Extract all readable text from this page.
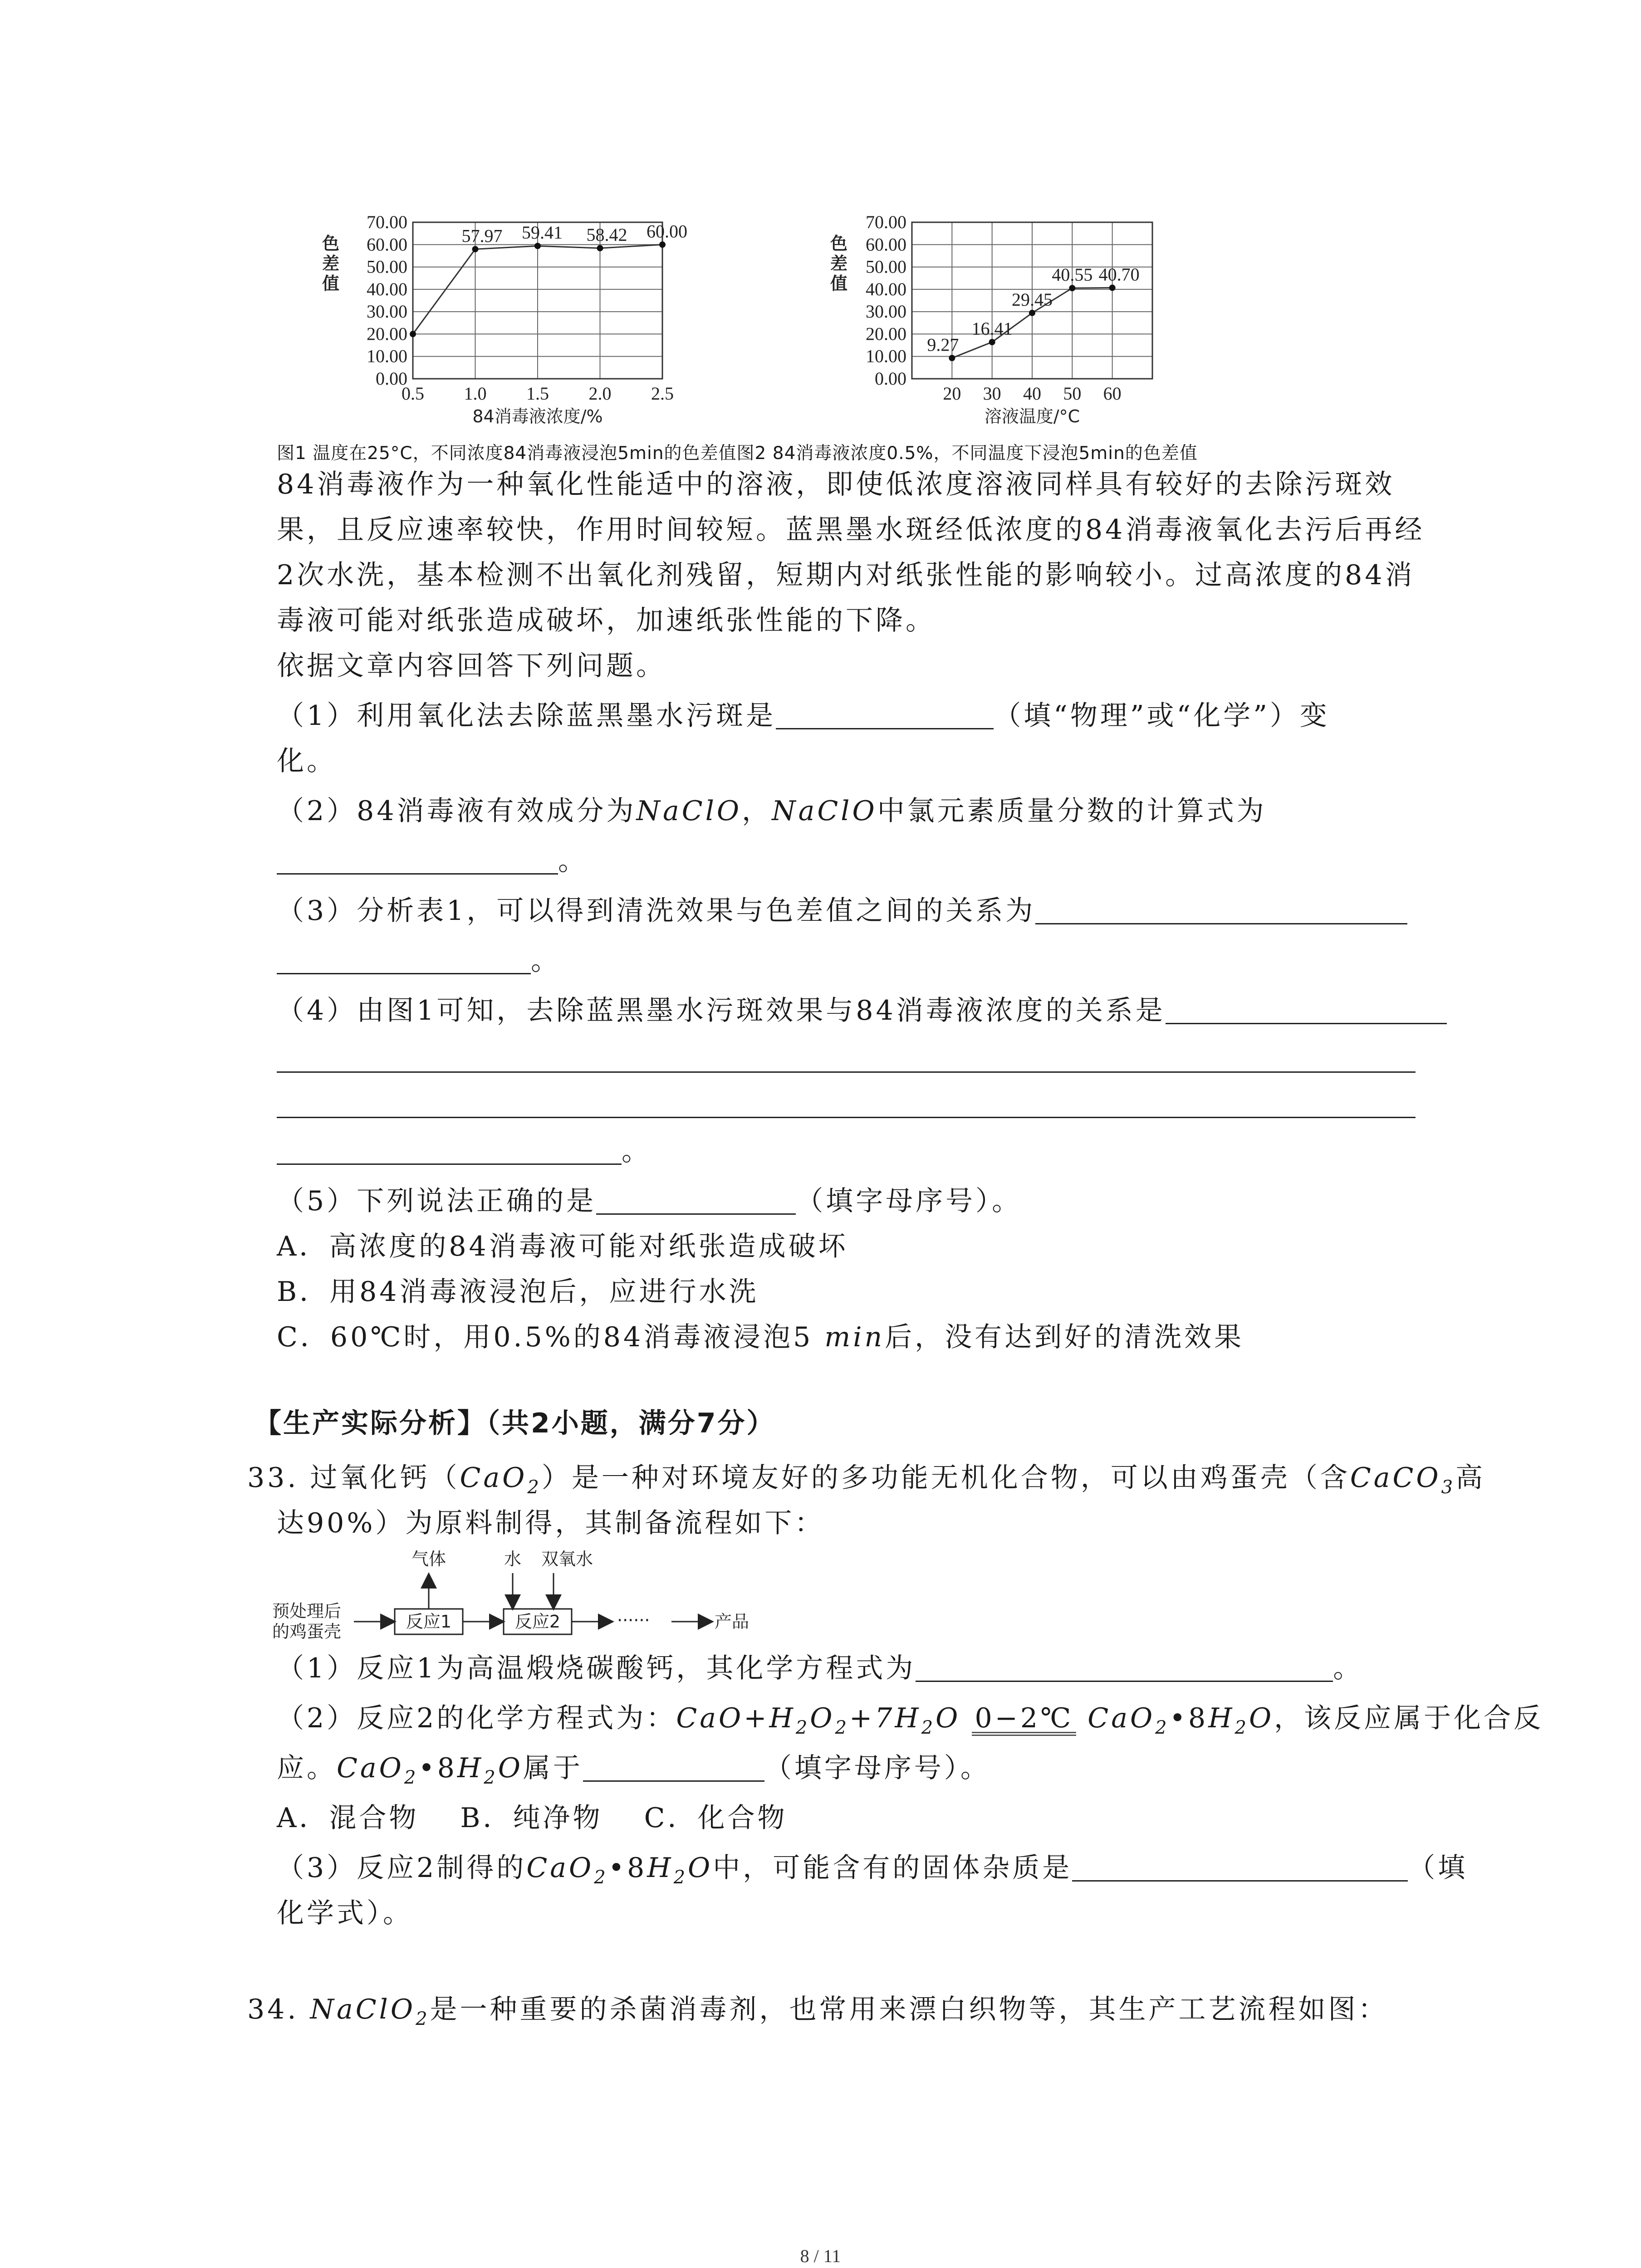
0.00
10.00
20.00
30.00
40.00
50.00
60.00
70.00
0.5 1.0 1.5 2.0 2.5
57.97 59.41 58.42 60.00
色差值
84消毒液浓度/%
0.00
10.00
20.00
30.00
40.00
50.00
60.00
70.00
20 30 40 50 60
9.27
16.41
29.45
40.55 40.70
色差值
溶液温度/°C
图1 温度在25°C，不同浓度84消毒液浸泡5min的色差值图2 84消毒液浓度0.5%，不同温度下浸泡5min的色差值
84消毒液作为一种氧化性能适中的溶液，即使低浓度溶液同样具有较好的去除污斑效
果，且反应速率较快，作用时间较短。蓝黑墨水斑经低浓度的84消毒液氧化去污后再经
2次水洗，基本检测不出氧化剂残留，短期内对纸张性能的影响较小。过高浓度的84消
毒液可能对纸张造成破坏，加速纸张性能的下降。
依据文章内容回答下列问题。
（1）利用氧化法去除蓝黑墨水污斑是	（填“物理”或“化学”）变
化。
（2）84消毒液有效成分为NaClO，NaClO中氯元素质量分数的计算式为
。
（3）分析表1，可以得到清洗效果与色差值之间的关系为
。
（4）由图1可知，去除蓝黑墨水污斑效果与84消毒液浓度的关系是
。
（5）下列说法正确的是	（填字母序号）。
A．高浓度的84消毒液可能对纸张造成破坏
B．用84消毒液浸泡后，应进行水洗
C．60℃时，用0.5%的84消毒液浸泡5 min后，没有达到好的清洗效果
【生产实际分析】（共2小题，满分7分）
33. 过氧化钙（CaO$_2$）是一种对环境友好的多功能无机化合物，可以由鸡蛋壳（含CaCO$_3$高
达90%）为原料制得，其制备流程如下：
预处理后
的鸡蛋壳	反应1
气体
反应2
水 双氧水
······	产品
（1）反应1为高温煅烧碳酸钙，其化学方程式为	。
（2）反应2的化学方程式为：$CaO+H_2O_2+7H_2O$ 0−2℃ $CaO_2•8H_2O$，该反应属于化合反
应。$CaO_2•8H_2O$属于	（填字母序号）。
A．混合物　 B．纯净物　 C．化合物
（3）反应2制得的$CaO_2•8H_2O$中，可能含有的固体杂质是	（填
化学式）。
34. NaClO$_2$是一种重要的杀菌消毒剂，也常用来漂白织物等，其生产工艺流程如图：
8 / 11
